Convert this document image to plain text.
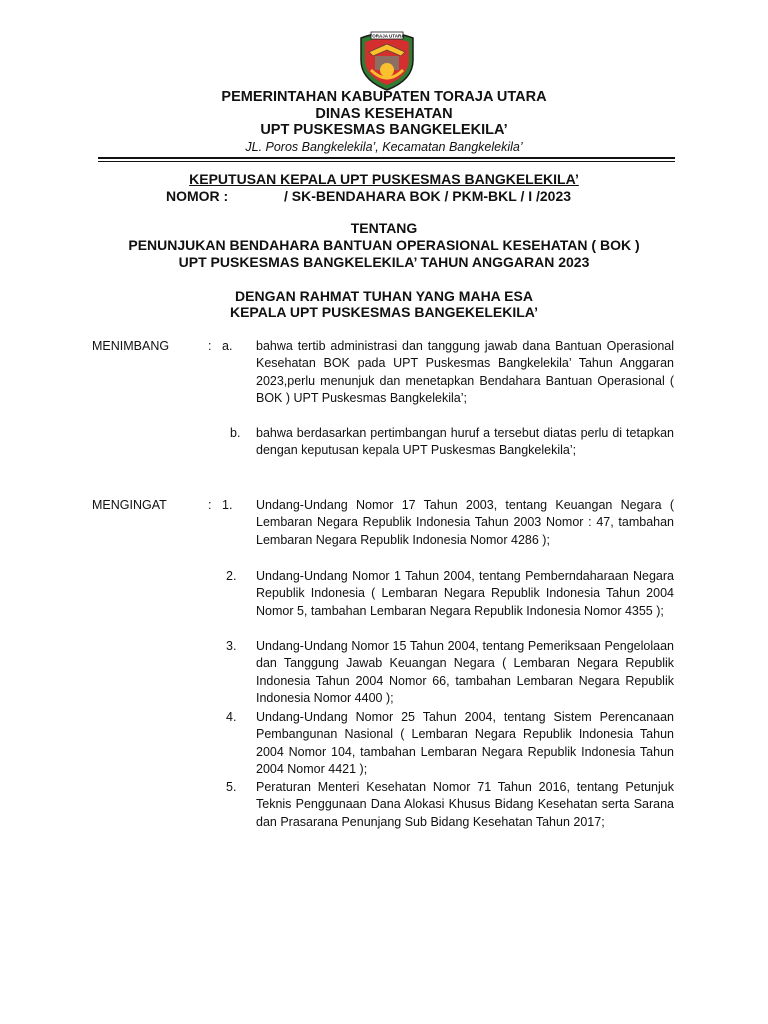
TORAJA UTARA
PEMERINTAHAN KABUPATEN TORAJA UTARA
DINAS KESEHATAN
UPT PUSKESMAS BANGKELEKILA’
JL. Poros Bangkelekila’, Kecamatan Bangkelekila’
KEPUTUSAN KEPALA UPT PUSKESMAS BANGKELEKILA’
NOMOR :	/ SK-BENDAHARA BOK / PKM-BKL / I /2023
TENTANG
PENUNJUKAN BENDAHARA BANTUAN OPERASIONAL KESEHATAN ( BOK )
UPT PUSKESMAS BANGKELEKILA’ TAHUN ANGGARAN 2023
DENGAN RAHMAT TUHAN YANG MAHA ESA
KEPALA UPT PUSKESMAS BANGEKELEKILA’
MENIMBANG	: a. bahwa tertib administrasi dan tanggung jawab dana Bantuan Operasional Kesehatan BOK pada UPT Puskesmas Bangkelekila’ Tahun Anggaran 2023,perlu menunjuk dan menetapkan Bendahara Bantuan Operasional ( BOK ) UPT Puskesmas Bangkelekila’;
b. bahwa berdasarkan pertimbangan huruf a tersebut diatas perlu di tetapkan dengan keputusan kepala UPT Puskesmas Bangkelekila’;
MENGINGAT	: 1. Undang-Undang Nomor 17 Tahun 2003, tentang Keuangan Negara ( Lembaran Negara Republik Indonesia Tahun 2003 Nomor : 47, tambahan Lembaran Negara Republik Indonesia Nomor 4286 );
2. Undang-Undang Nomor 1 Tahun 2004, tentang Pemberndaharaan Negara Republik Indonesia ( Lembaran Negara Republik Indonesia Tahun 2004 Nomor 5, tambahan Lembaran Negara Republik Indonesia Nomor 4355 );
3. Undang-Undang Nomor 15 Tahun 2004, tentang Pemeriksaan Pengelolaan dan Tanggung Jawab Keuangan Negara ( Lembaran Negara Republik Indonesia Tahun 2004 Nomor 66, tambahan Lembaran Negara Republik Indonesia Nomor 4400 );
4. Undang-Undang Nomor 25 Tahun 2004, tentang Sistem Perencanaan Pembangunan Nasional ( Lembaran Negara Republik Indonesia Tahun 2004 Nomor 104, tambahan Lembaran Negara Republik Indonesia Tahun 2004 Nomor 4421 );
5. Peraturan Menteri Kesehatan Nomor 71 Tahun 2016, tentang Petunjuk Teknis Penggunaan Dana Alokasi Khusus Bidang Kesehatan serta Sarana dan Prasarana Penunjang Sub Bidang Kesehatan Tahun 2017;
